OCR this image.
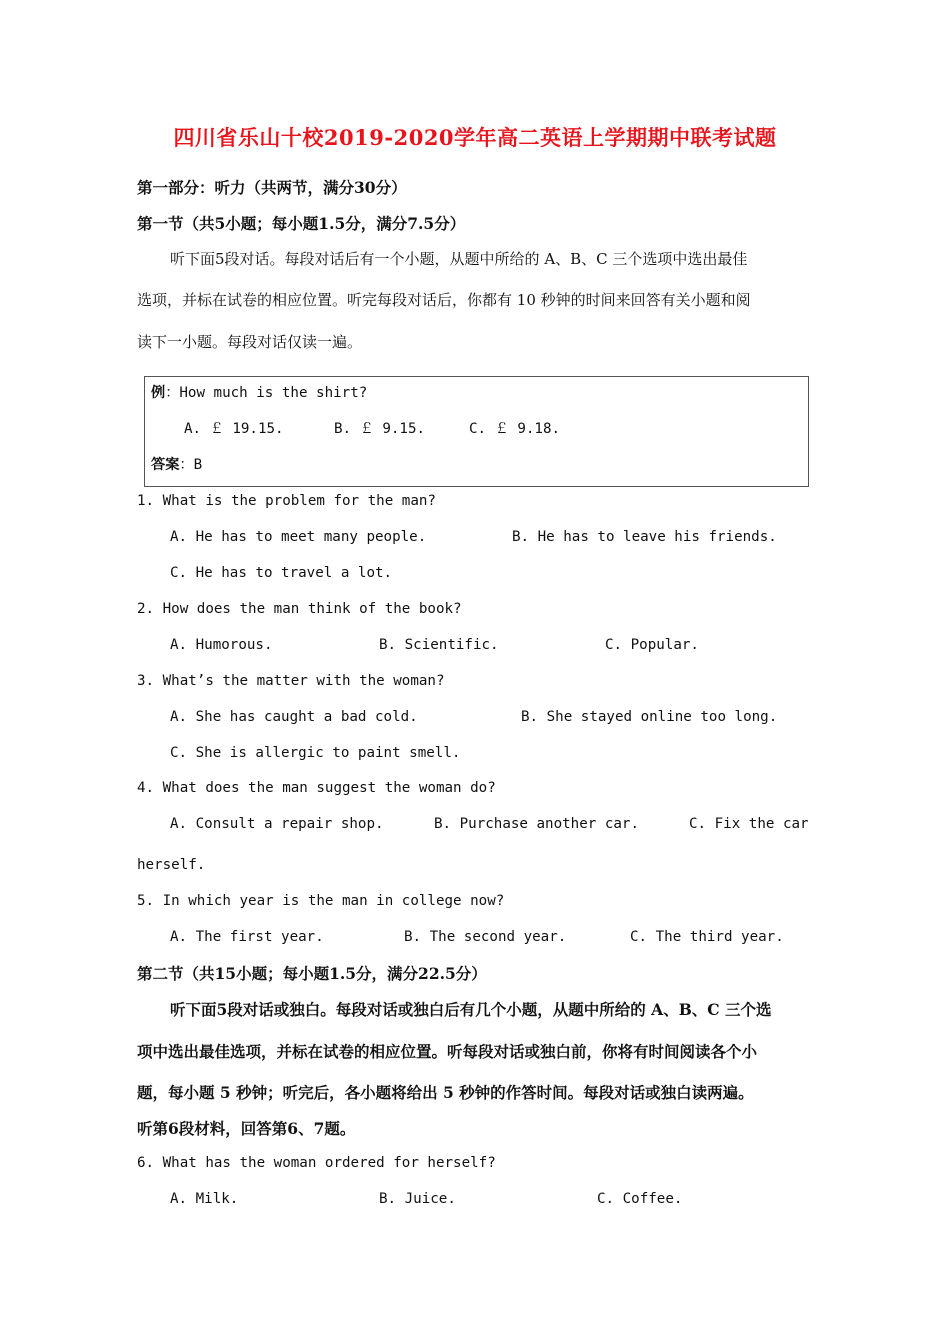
四川省乐山十校2019-2020学年高二英语上学期期中联考试题
第一部分：听力（共两节，满分30分）
第一节（共5小题；每小题1.5分，满分7.5分）
听下面5段对话。每段对话后有一个小题，从题中所给的 A、B、C 三个选项中选出最佳
选项，并标在试卷的相应位置。听完每段对话后，你都有 10 秒钟的时间来回答有关小题和阅
读下一小题。每段对话仅读一遍。
例：How much is the shirt?
A. ￡ 19.15.	B. ￡ 9.15.	C. ￡ 9.18.
答案：B
1. What is the problem for the man?
A. He has to meet many people.	B. He has to leave his friends.
C. He has to travel a lot.
2. How does the man think of the book?
A. Humorous.	B. Scientific.	C. Popular.
3. What’s the matter with the woman?
A. She has caught a bad cold.	B. She stayed online too long.
C. She is allergic to paint smell.
4. What does the man suggest the woman do?
A. Consult a repair shop.	B. Purchase another car.	C. Fix the car
herself.
5. In which year is the man in college now?
A. The first year.	B. The second year.	C. The third year.
第二节（共15小题；每小题1.5分，满分22.5分）
听下面5段对话或独白。每段对话或独白后有几个小题，从题中所给的 A、B、C 三个选
项中选出最佳选项，并标在试卷的相应位置。听每段对话或独白前，你将有时间阅读各个小
题，每小题 5 秒钟；听完后，各小题将给出 5 秒钟的作答时间。每段对话或独白读两遍。
听第6段材料，回答第6、7题。
6. What has the woman ordered for herself?
A. Milk.	B. Juice.	C. Coffee.
